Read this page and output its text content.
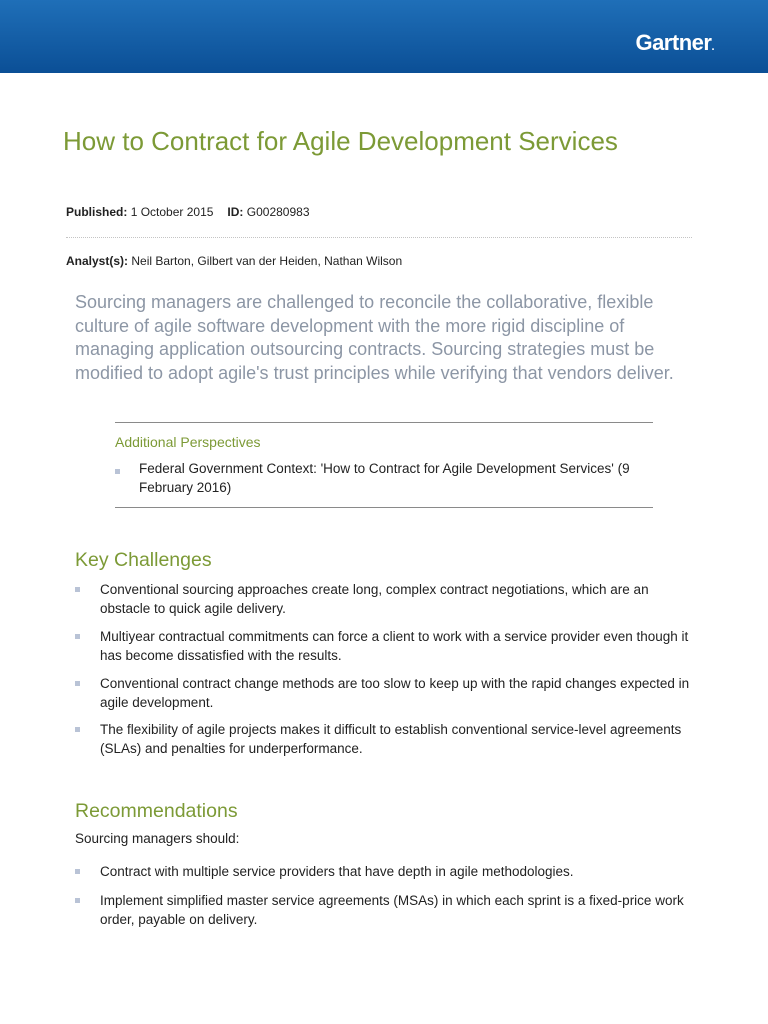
Gartner.
How to Contract for Agile Development Services
Published: 1 October 2015 ID: G00280983
Analyst(s): Neil Barton, Gilbert van der Heiden, Nathan Wilson

Sourcing managers are challenged to reconcile the collaborative, flexible culture of agile software development with the more rigid discipline of managing application outsourcing contracts. Sourcing strategies must be modified to adopt agile's trust principles while verifying that vendors deliver.

Additional Perspectives
Federal Government Context: 'How to Contract for Agile Development Services' (9 February 2016)
Key Challenges
Conventional sourcing approaches create long, complex contract negotiations, which are an obstacle to quick agile delivery.
Multiyear contractual commitments can force a client to work with a service provider even though it has become dissatisfied with the results.
Conventional contract change methods are too slow to keep up with the rapid changes expected in agile development.
The flexibility of agile projects makes it difficult to establish conventional service-level agreements (SLAs) and penalties for underperformance.
Recommendations
Sourcing managers should:
Contract with multiple service providers that have depth in agile methodologies.
Implement simplified master service agreements (MSAs) in which each sprint is a fixed-price work order, payable on delivery.
